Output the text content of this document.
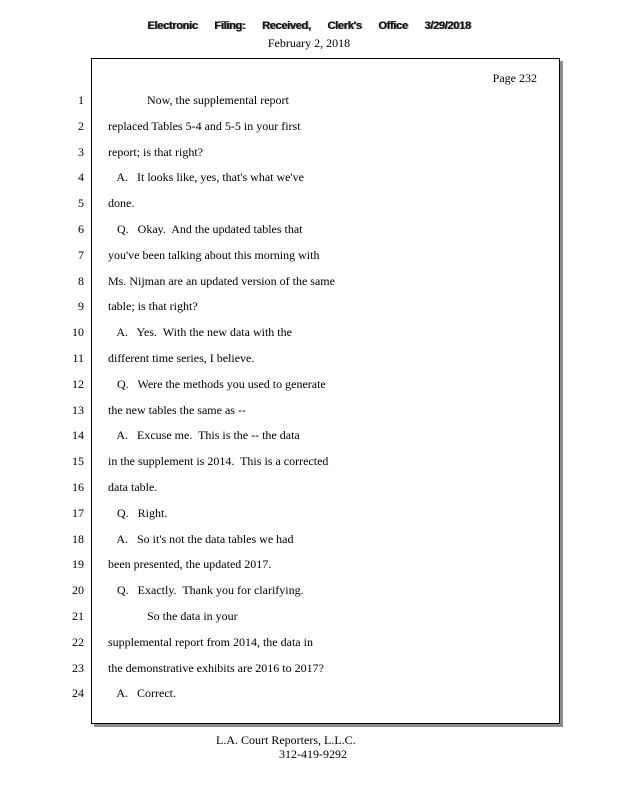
Electronic Filing: Received, Clerk's Office 3/29/2018
February 2, 2018
Page 232
1
2
3
4
5
6
7
8
9
10
11
12
13
14
15
16
17
18
19
20
21
22
23
24
Now, the supplemental report
replaced Tables 5-4 and 5-5 in your first
report; is that right?
A.   It looks like, yes, that's what we've
done.
Q.   Okay.  And the updated tables that
you've been talking about this morning with
Ms. Nijman are an updated version of the same
table; is that right?
A.   Yes.  With the new data with the
different time series, I believe.
Q.   Were the methods you used to generate
the new tables the same as --
A.   Excuse me.  This is the -- the data
in the supplement is 2014.  This is a corrected
data table.
Q.   Right.
A.   So it's not the data tables we had
been presented, the updated 2017.
Q.   Exactly.  Thank you for clarifying.
So the data in your
supplemental report from 2014, the data in
the demonstrative exhibits are 2016 to 2017?
A.   Correct.
L.A. Court Reporters, L.L.C.
312-419-9292
